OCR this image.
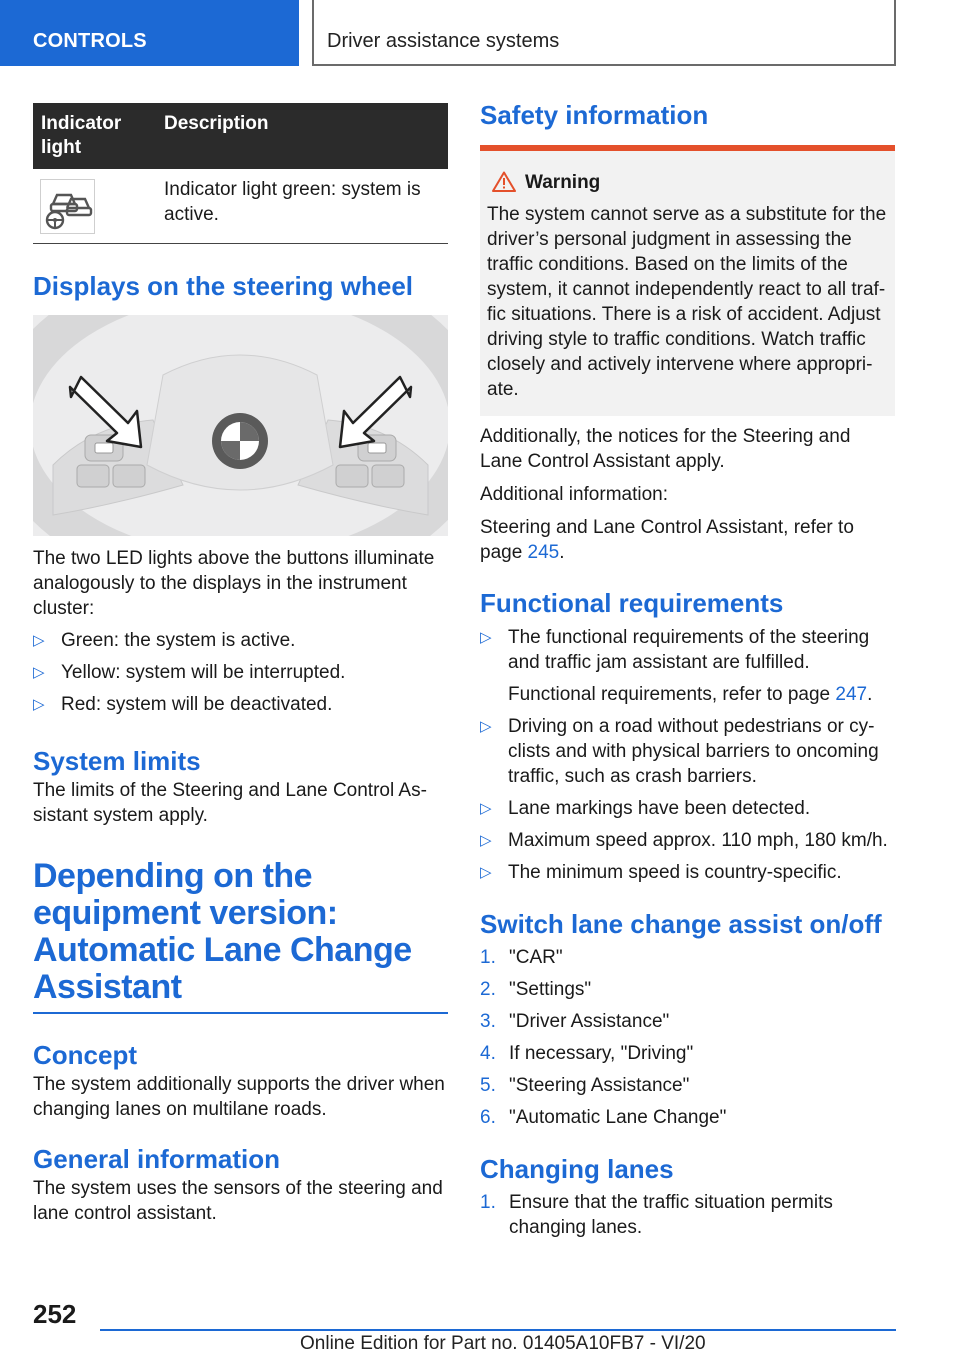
CONTROLS	Driver assistance systems
Indicator light
Description
Indicator light green: system is active.
Displays on the steering wheel

The two LED lights above the buttons illuminate analogously to the displays in the instrument cluster:

▷ Green: the system is active.
▷ Yellow: system will be interrupted.
▷ Red: system will be deactivated.
System limits

The limits of the Steering and Lane Control As‐sistant system apply.

Depending on the equipment version: Automatic Lane Change Assistant
Concept

The system additionally supports the driver when changing lanes on multilane roads.

General information

The system uses the sensors of the steering and lane control assistant.

Safety information
Warning

The system cannot serve as a substitute for the driver’s personal judgment in assessing the traffic conditions. Based on the limits of the system, it cannot independently react to all traf‐fic situations. There is a risk of accident. Adjust driving style to traffic conditions. Watch traffic closely and actively intervene where appropri‐ate.

Additionally, the notices for the Steering and Lane Control Assistant apply.

Additional information:

Steering and Lane Control Assistant, refer to page 245.

Functional requirements
▷ The functional requirements of the steering and traffic jam assistant are fulfilled.
Functional requirements, refer to page 247.
▷ Driving on a road without pedestrians or cy‐clists and with physical barriers to oncoming traffic, such as crash barriers.
▷ Lane markings have been detected.
▷ Maximum speed approx. 110 mph, 180 km/h.
▷ The minimum speed is country-specific.
Switch lane change assist on/off
1. "CAR"
2. "Settings"
3. "Driver Assistance"
4. If necessary, "Driving"
5. "Steering Assistance"
6. "Automatic Lane Change"
Changing lanes
1. Ensure that the traffic situation permits changing lanes.
252
Online Edition for Part no. 01405A10FB7 - VI/20
